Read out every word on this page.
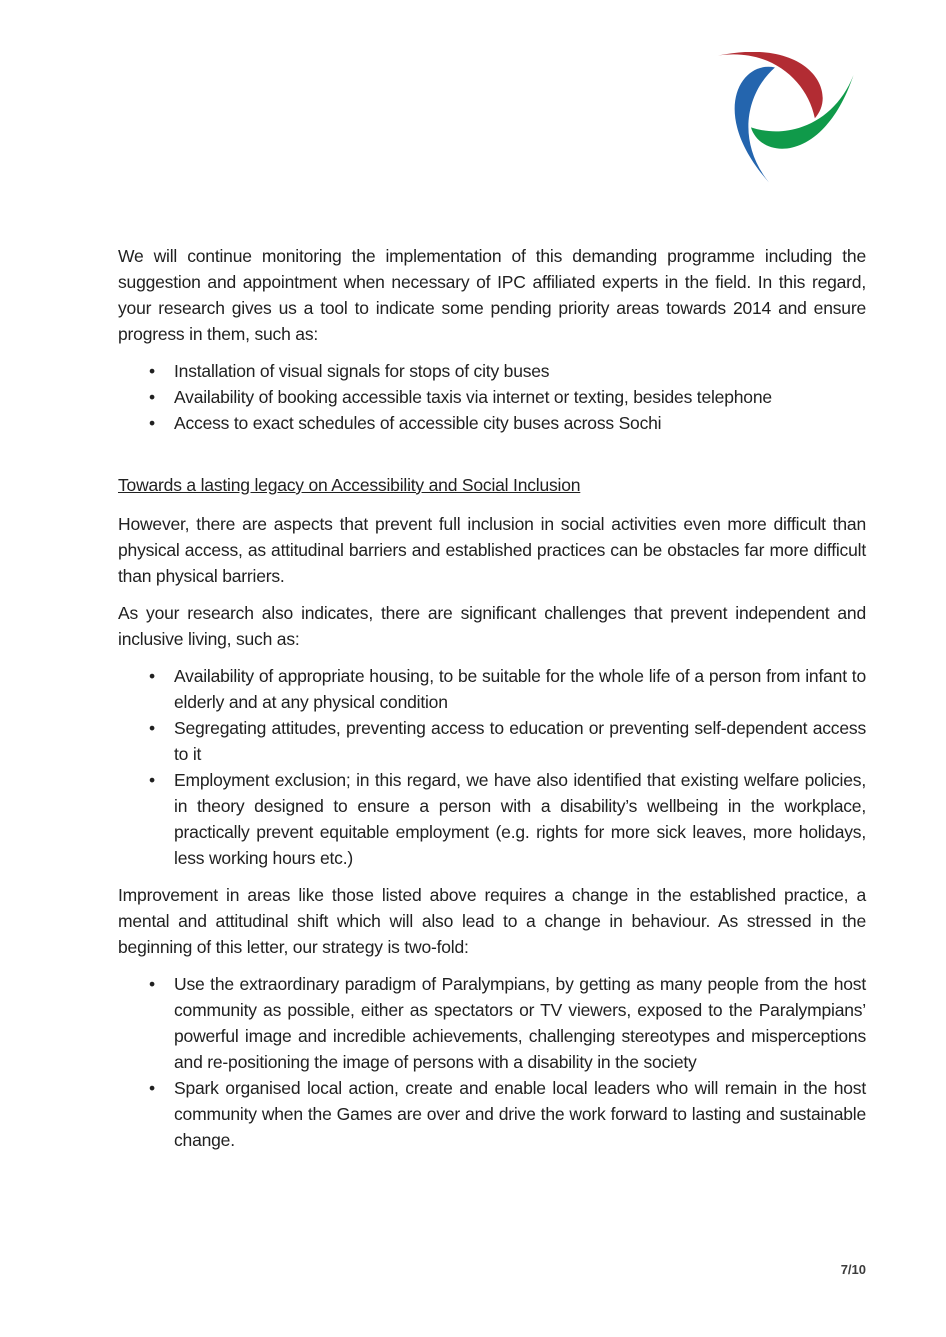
We will continue monitoring the implementation of this demanding programme including the suggestion and appointment when necessary of IPC affiliated experts in the field. In this regard, your research gives us a tool to indicate some pending priority areas towards 2014 and ensure progress in them, such as:

• Installation of visual signals for stops of city buses
• Availability of booking accessible taxis via internet or texting, besides telephone
• Access to exact schedules of accessible city buses across Sochi
Towards a lasting legacy on Accessibility and Social Inclusion

However, there are aspects that prevent full inclusion in social activities even more difficult than physical access, as attitudinal barriers and established practices can be obstacles far more difficult than physical barriers.

As your research also indicates, there are significant challenges that prevent independent and inclusive living, such as:

• Availability of appropriate housing, to be suitable for the whole life of a person from infant to elderly and at any physical condition
• Segregating attitudes, preventing access to education or preventing self-dependent access to it
• Employment exclusion; in this regard, we have also identified that existing welfare policies, in theory designed to ensure a person with a disability’s wellbeing in the workplace, practically prevent equitable employment (e.g. rights for more sick leaves, more holidays, less working hours etc.)

Improvement in areas like those listed above requires a change in the established practice, a mental and attitudinal shift which will also lead to a change in behaviour. As stressed in the beginning of this letter, our strategy is two-fold:

• Use the extraordinary paradigm of Paralympians, by getting as many people from the host community as possible, either as spectators or TV viewers, exposed to the Paralympians’ powerful image and incredible achievements, challenging stereotypes and misperceptions and re-positioning the image of persons with a disability in the society
• Spark organised local action, create and enable local leaders who will remain in the host community when the Games are over and drive the work forward to lasting and sustainable change.
7/10
